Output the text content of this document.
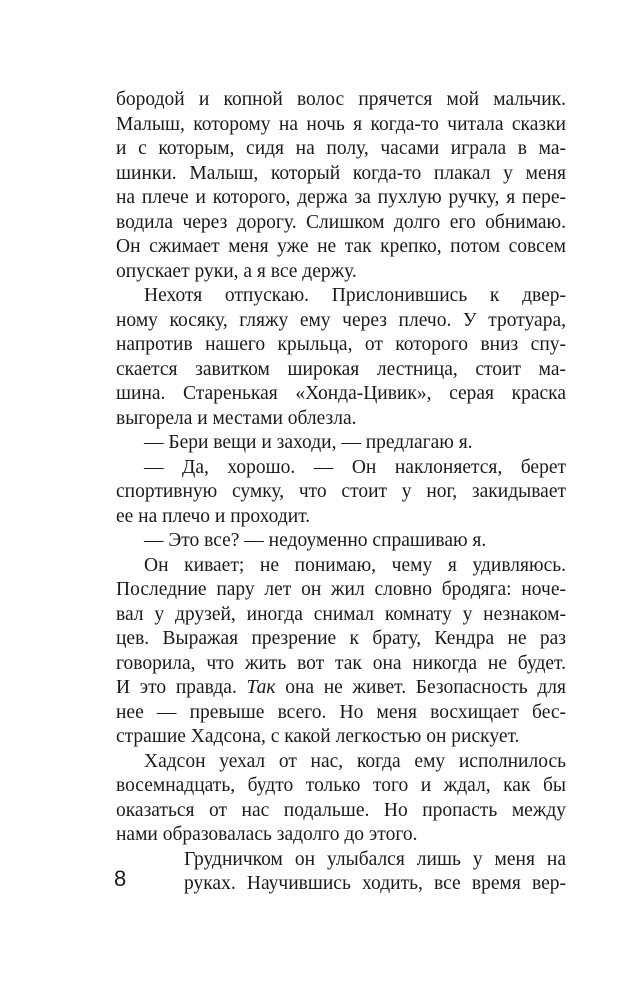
бородой и копной волос прячется мой мальчик.
Малыш, которому на ночь я когда-то читала сказки
и с которым, сидя на полу, часами играла в ма-
шинки. Малыш, который когда-то плакал у меня
на плече и которого, держа за пухлую ручку, я пере-
водила через дорогу. Слишком долго его обнимаю.
Он сжимает меня уже не так крепко, потом совсем
опускает руки, а я все держу.
Нехотя отпускаю. Прислонившись к двер-
ному косяку, гляжу ему через плечо. У тротуара,
напротив нашего крыльца, от которого вниз спу-
скается завитком широкая лестница, стоит ма-
шина. Старенькая «Хонда-Цивик», серая краска
выгорела и местами облезла.
— Бери вещи и заходи, — предлагаю я.
— Да, хорошо. — Он наклоняется, берет
спортивную сумку, что стоит у ног, закидывает
ее на плечо и проходит.
— Это все? — недоуменно спрашиваю я.
Он кивает; не понимаю, чему я удивляюсь.
Последние пару лет он жил словно бродяга: ноче-
вал у друзей, иногда снимал комнату у незнаком-
цев. Выражая презрение к брату, Кендра не раз
говорила, что жить вот так она никогда не будет.
И это правда. Так она не живет. Безопасность для
нее — превыше всего. Но меня восхищает бес-
страшие Хадсона, с какой легкостью он рискует.
Хадсон уехал от нас, когда ему исполнилось
восемнадцать, будто только того и ждал, как бы
оказаться от нас подальше. Но пропасть между
нами образовалась задолго до этого.
Грудничком он улыбался лишь у меня на
руках. Научившись ходить, все время вер-
8
